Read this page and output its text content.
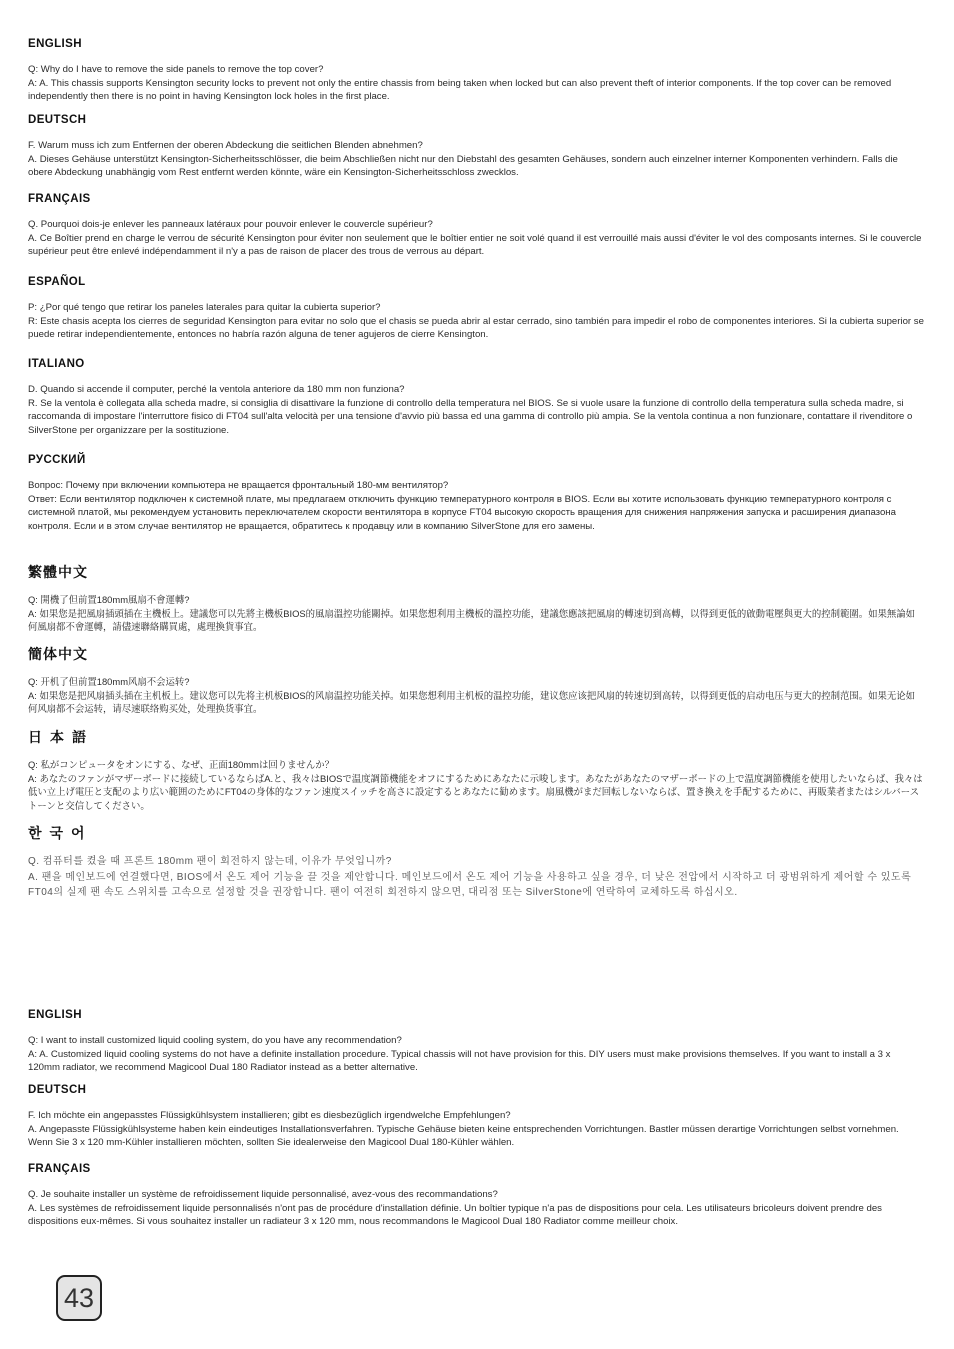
ENGLISH

Q: Why do I have to remove the side panels to remove the top cover?

A: A. This chassis supports Kensington security locks to prevent not only the entire chassis from being taken when locked but can also prevent theft of interior components. If the top cover can be removed independently then there is no point in having Kensington lock holes in the first place.

DEUTSCH

F. Warum muss ich zum Entfernen der oberen Abdeckung die seitlichen Blenden abnehmen?

A. Dieses Gehäuse unterstützt Kensington-Sicherheitsschlösser, die beim Abschließen nicht nur den Diebstahl des gesamten Gehäuses, sondern auch einzelner interner Komponenten verhindern. Falls die obere Abdeckung unabhängig vom Rest entfernt werden könnte, wäre ein Kensington-Sicherheitsschloss zwecklos.

FRANÇAIS

Q. Pourquoi dois-je enlever les panneaux latéraux pour pouvoir enlever le couvercle supérieur?

A. Ce Boîtier prend en charge le verrou de sécurité Kensington pour éviter non seulement que le boîtier entier ne soit volé quand il est verrouillé mais aussi d'éviter le vol des composants internes. Si le couvercle supérieur peut être enlevé indépendamment il n'y a pas de raison de placer des trous de verrous au départ.

ESPAÑOL

P: ¿Por qué tengo que retirar los paneles laterales para quitar la cubierta superior?

R: Este chasis acepta los cierres de seguridad Kensington para evitar no solo que el chasis se pueda abrir al estar cerrado, sino también para impedir el robo de componentes interiores. Si la cubierta superior se puede retirar independientemente, entonces no habría razón alguna de tener agujeros de cierre Kensington.

ITALIANO

D. Quando si accende il computer, perché la ventola anteriore da 180 mm non funziona?

R. Se la ventola è collegata alla scheda madre, si consiglia di disattivare la funzione di controllo della temperatura nel BIOS. Se si vuole usare la funzione di controllo della temperatura sulla scheda madre, si raccomanda di impostare l'interruttore fisico di FT04 sull'alta velocità per una tensione d'avvio più bassa ed una gamma di controllo più ampia. Se la ventola continua a non funzionare, contattare il rivenditore o SilverStone per organizzare per la sostituzione.

РУССКИЙ

Вопрос: Почему при включении компьютера не вращается фронтальный 180-мм вентилятор?

Ответ: Если вентилятор подключен к системной плате, мы предлагаем отключить функцию температурного контроля в BIOS. Если вы хотите использовать функцию температурного контроля с системной платой, мы рекомендуем установить переключателем скорости вентилятора в корпусе FT04 высокую скорость вращения для снижения напряжения запуска и расширения диапазона контроля. Если и в этом случае вентилятор не вращается, обратитесь к продавцу или в компанию SilverStone для его замены.

繁體中文

Q: 開機了但前置180mm風扇不會運轉?

A: 如果您是把風扇插頭插在主機板上。建議您可以先將主機板BIOS的風扇溫控功能關掉。如果您想利用主機板的溫控功能，建議您應該把風扇的轉速切到高轉，以得到更低的啟動電壓與更大的控制範圍。如果無論如何風扇都不會運轉，請儘速聯絡購買處，處理換貨事宜。

簡体中文

Q: 开机了但前置180mm风扇不会运转?

A: 如果您是把风扇插头插在主机板上。建议您可以先将主机板BIOS的风扇温控功能关掉。如果您想利用主机板的温控功能，建议您应该把风扇的转速切到高转，以得到更低的启动电压与更大的控制范围。如果无论如何风扇都不会运转，请尽速联络购买处，处理换货事宜。

日本語

Q: 私がコンピュータをオンにする、なぜ、正面180mmは回りませんか？

A: あなたのファンがマザーボードに接続しているならばA.と、我々はBIOSで温度調節機能をオフにするためにあなたに示唆します。あなたがあなたのマザーボードの上で温度調節機能を使用したいならば、我々は低い立上げ電圧と支配のより広い範囲のためにFT04の身体的なファン速度スイッチを高さに設定するとあなたに勧めます。扇風機がまだ回転しないならば、置き換えを手配するために、再販業者またはシルバーストーンと交信してください。

한국어

Q. 컴퓨터를 켰을 때 프론트 180mm 팬이 회전하지 않는데, 이유가 무엇입니까?

A. 팬을 메인보드에 연결했다면, BIOS에서 온도 제어 기능을 끌 것을 제안합니다. 메인보드에서 온도 제어 기능을 사용하고 싶을 경우, 더 낮은 전압에서 시작하고 더 광범위하게 제어할 수 있도록 FT04의 실제 팬 속도 스위치를 고속으로 설정할 것을 권장합니다. 팬이 여전히 회전하지 않으면, 대리점 또는 SilverStone에 연락하여 교체하도록 하십시오.

ENGLISH

Q: I want to install customized liquid cooling system, do you have any recommendation?

A: A. Customized liquid cooling systems do not have a definite installation procedure. Typical chassis will not have provision for this. DIY users must make provisions themselves. If you want to install a 3 x 120mm radiator, we recommend Magicool Dual 180 Radiator instead as a better alternative.

DEUTSCH

F. Ich möchte ein angepasstes Flüssigkühlsystem installieren; gibt es diesbezüglich irgendwelche Empfehlungen?

A. Angepasste Flüssigkühlsysteme haben kein eindeutiges Installationsverfahren. Typische Gehäuse bieten keine entsprechenden Vorrichtungen. Bastler müssen derartige Vorrichtungen selbst vornehmen. Wenn Sie 3 x 120 mm-Kühler installieren möchten, sollten Sie idealerweise den Magicool Dual 180-Kühler wählen.

FRANÇAIS

Q. Je souhaite installer un système de refroidissement liquide personnalisé, avez-vous des recommandations?

A. Les systèmes de refroidissement liquide personnalisés n'ont pas de procédure d'installation définie. Un boîtier typique n'a pas de dispositions pour cela. Les utilisateurs bricoleurs doivent prendre des dispositions eux-mêmes. Si vous souhaitez installer un radiateur 3 x 120 mm, nous recommandons le Magicool Dual 180 Radiator comme meilleur choix.

43
